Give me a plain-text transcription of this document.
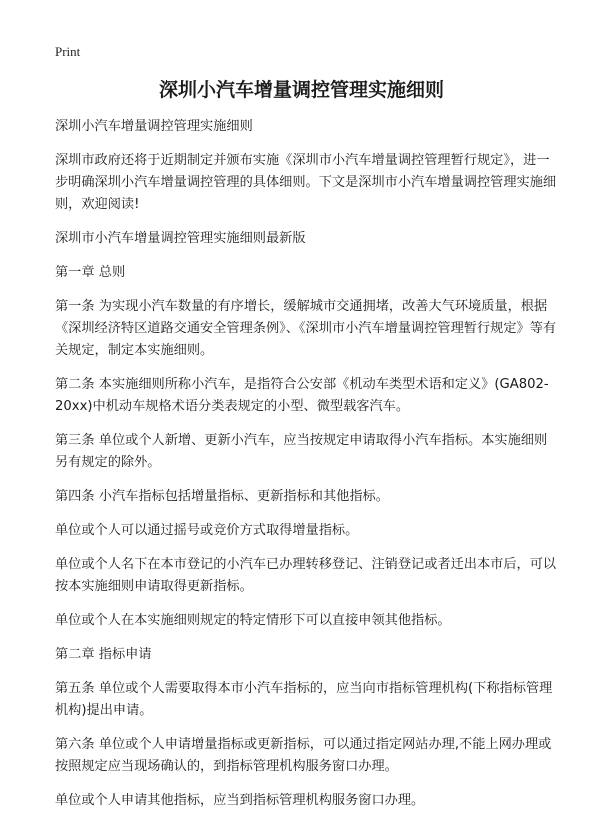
Print
深圳小汽车增量调控管理实施细则
深圳小汽车增量调控管理实施细则
深圳市政府还将于近期制定并颁布实施《深圳市小汽车增量调控管理暂行规定》，进一步明确深圳小汽车增量调控管理的具体细则。下文是深圳市小汽车增量调控管理实施细则，欢迎阅读!
深圳市小汽车增量调控管理实施细则最新版
第一章 总则
第一条 为实现小汽车数量的有序增长，缓解城市交通拥堵，改善大气环境质量，根据《深圳经济特区道路交通安全管理条例》、《深圳市小汽车增量调控管理暂行规定》等有关规定，制定本实施细则。
第二条 本实施细则所称小汽车，是指符合公安部《机动车类型术语和定义》(GA802-20xx)中机动车规格术语分类表规定的小型、微型载客汽车。
第三条 单位或个人新增、更新小汽车，应当按规定申请取得小汽车指标。本实施细则另有规定的除外。
第四条 小汽车指标包括增量指标、更新指标和其他指标。
单位或个人可以通过摇号或竞价方式取得增量指标。
单位或个人名下在本市登记的小汽车已办理转移登记、注销登记或者迁出本市后，可以按本实施细则申请取得更新指标。
单位或个人在本实施细则规定的特定情形下可以直接申领其他指标。
第二章 指标申请
第五条 单位或个人需要取得本市小汽车指标的，应当向市指标管理机构(下称指标管理机构)提出申请。
第六条 单位或个人申请增量指标或更新指标，可以通过指定网站办理,不能上网办理或按照规定应当现场确认的，到指标管理机构服务窗口办理。
单位或个人申请其他指标，应当到指标管理机构服务窗口办理。
